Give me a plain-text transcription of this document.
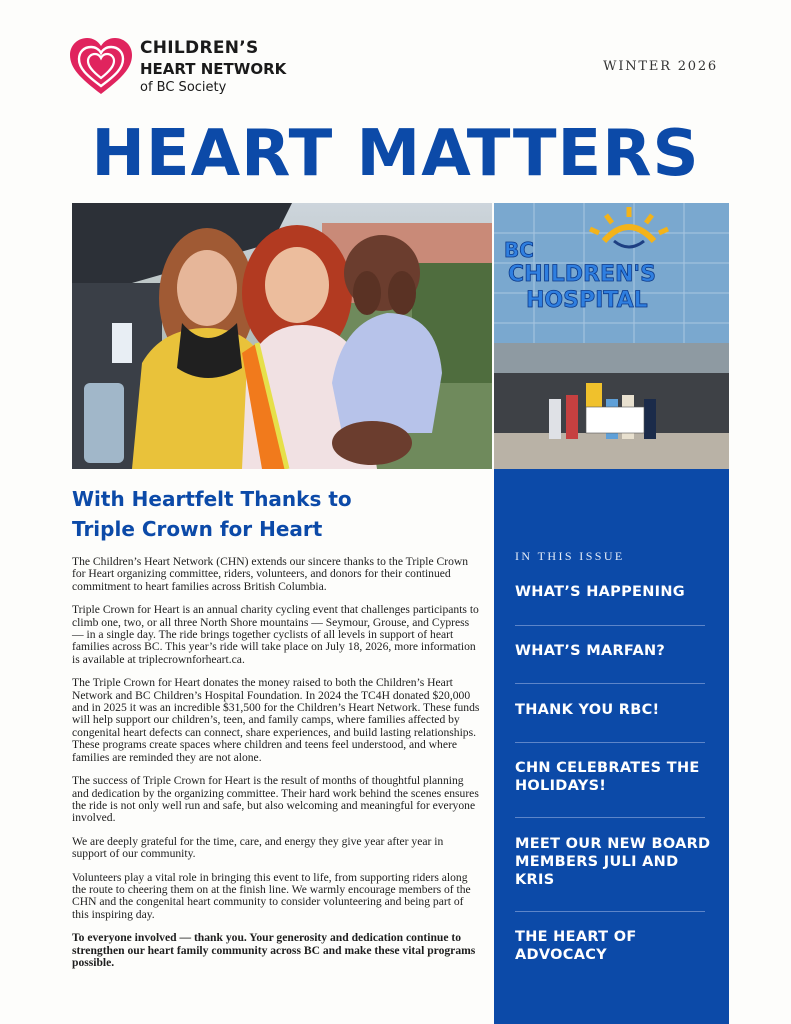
CHILDREN’S
HEART NETWORK
of BC Society
WINTER 2026
HEART MATTERS
BC
CHILDREN'S
HOSPITAL
With Heartfelt Thanks to
Triple Crown for Heart

The Children’s Heart Network (CHN) extends our sincere thanks to the Triple Crown for Heart organizing committee, riders, volunteers, and donors for their continued commitment to heart families across British Columbia.

Triple Crown for Heart is an annual charity cycling event that challenges participants to climb one, two, or all three North Shore mountains — Seymour, Grouse, and Cypress — in a single day. The ride brings together cyclists of all levels in support of heart families across BC. This year’s ride will take place on July 18, 2026, more information is available at triplecrownforheart.ca.

The Triple Crown for Heart donates the money raised to both the Children’s Heart Network and BC Children’s Hospital Foundation. In 2024 the TC4H donated $20,000 and in 2025 it was an incredible $31,500 for the Children’s Heart Network. These funds will help support our children’s, teen, and family camps, where families affected by congenital heart defects can connect, share experiences, and build lasting relationships. These programs create spaces where children and teens feel understood, and where families are reminded they are not alone.

The success of Triple Crown for Heart is the result of months of thoughtful planning and dedication by the organizing committee. Their hard work behind the scenes ensures the ride is not only well run and safe, but also welcoming and meaningful for everyone involved.

We are deeply grateful for the time, care, and energy they give year after year in support of our community.

Volunteers play a vital role in bringing this event to life, from supporting riders along the route to cheering them on at the finish line. We warmly encourage members of the CHN and the congenital heart community to consider volunteering and being part of this inspiring day.

To everyone involved — thank you. Your generosity and dedication continue to strengthen our heart family community across BC and make these vital programs possible.

IN THIS ISSUE
WHAT’S HAPPENING
WHAT’S MARFAN?
THANK YOU RBC!
CHN CELEBRATES THE HOLIDAYS!
MEET OUR NEW BOARD MEMBERS JULI AND KRIS
THE HEART OF ADVOCACY
